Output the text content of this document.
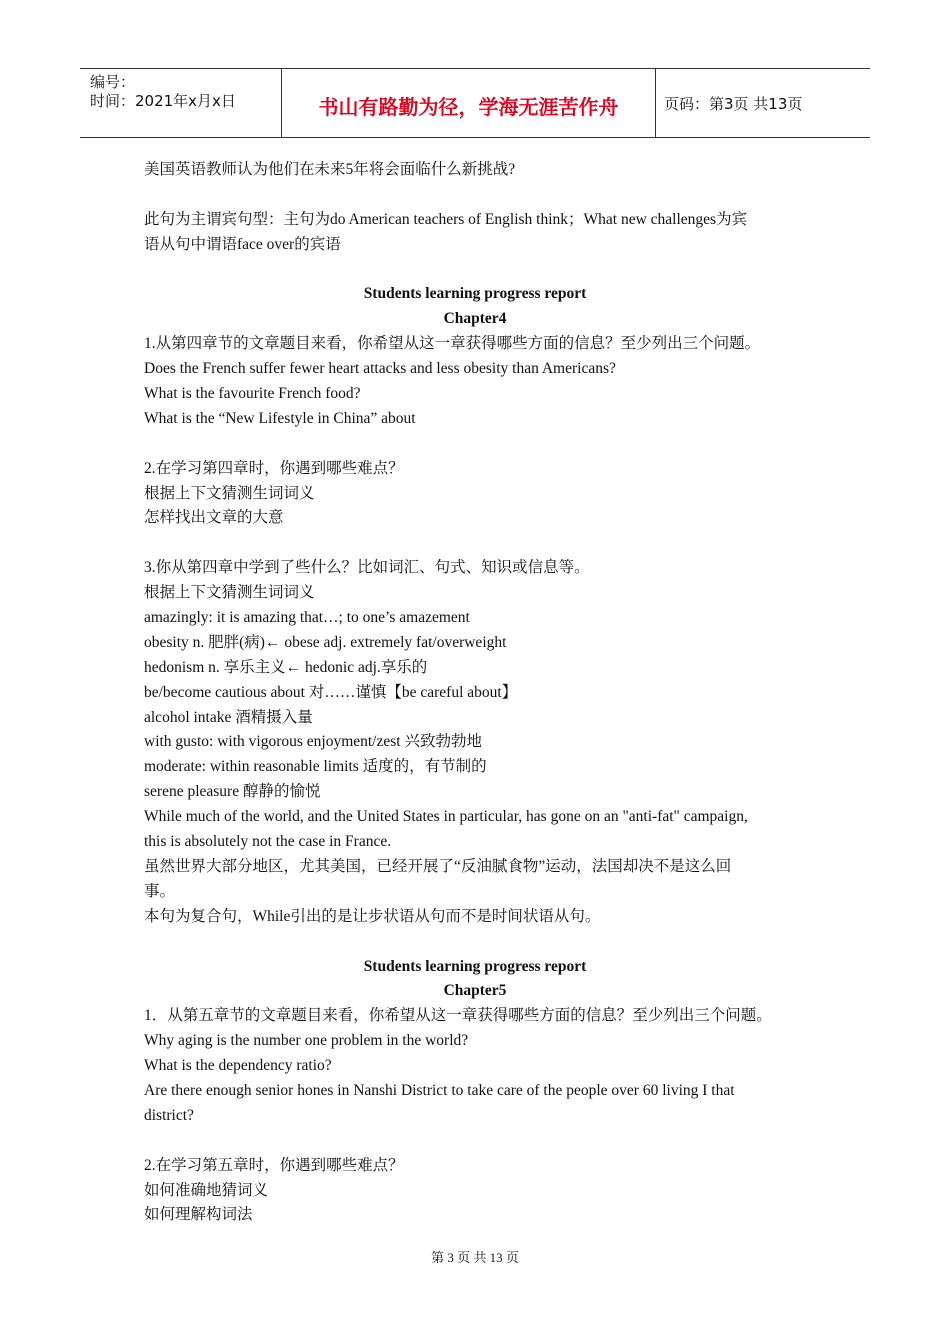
编号：
时间：2021年x月x日	书山有路勤为径，学海无涯苦作舟	页码：第3页 共13页
美国英语教师认为他们在未来5年将会面临什么新挑战?
此句为主谓宾句型：主句为do American teachers of English think；What new challenges为宾
语从句中谓语face over的宾语
Students learning progress report
Chapter4
1.从第四章节的文章题目来看，你希望从这一章获得哪些方面的信息？至少列出三个问题。
Does the French suffer fewer heart attacks and less obesity than Americans?
What is the favourite French food?
What is the “New Lifestyle in China” about
2.在学习第四章时，你遇到哪些难点？
根据上下文猜测生词词义
怎样找出文章的大意
3.你从第四章中学到了些什么？比如词汇、句式、知识或信息等。
根据上下文猜测生词词义
amazingly: it is amazing that…; to one’s amazement
obesity n. 肥胖(病)← obese adj. extremely fat/overweight
hedonism n. 享乐主义← hedonic adj.享乐的
be/become cautious about 对……谨慎【be careful about】
alcohol intake 酒精摄入量
with gusto: with vigorous enjoyment/zest 兴致勃勃地
moderate: within reasonable limits 适度的，有节制的
serene pleasure 醇静的愉悦
While much of the world, and the United States in particular, has gone on an "anti-fat" campaign,
this is absolutely not the case in France.
虽然世界大部分地区，尤其美国，已经开展了“反油腻食物”运动，法国却决不是这么回
事。
本句为复合句，While引出的是让步状语从句而不是时间状语从句。
Students learning progress report
Chapter5
1．从第五章节的文章题目来看，你希望从这一章获得哪些方面的信息？至少列出三个问题。
Why aging is the number one problem in the world?
What is the dependency ratio?
Are there enough senior hones in Nanshi District to take care of the people over 60 living I that
district?
2.在学习第五章时，你遇到哪些难点？
如何准确地猜词义
如何理解构词法
第 3 页 共 13 页
